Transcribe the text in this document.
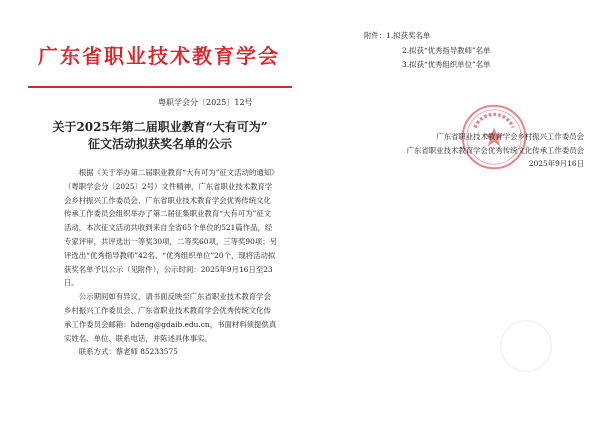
广东省职业技术教育学会
粤职学会分〔2025〕12号
关于2025年第二届职业教育“大有可为”
征文活动拟获奖名单的公示

根据《关于举办第二届职业教育“大有可为”征文活动的通知》（粤职学会分〔2025〕2号）文件精神，广东省职业技术教育学会乡村振兴工作委员会、广东省职业技术教育学会优秀传统文化传承工作委员会组织举办了第二届征集职业教育“大有可为”征文活动，本次征文活动共收到来自全省65个单位的521篇作品，经专家评审，共评选出一等奖30项，二等奖60项，三等奖90项；另评选出“优秀指导教师”42名、“优秀组织单位”20个，现将活动拟获奖名单予以公示（见附件），公示时间：2025年9月16日至23日。

公示期间如有异议，请书面反映至广东省职业技术教育学会乡村振兴工作委员会、广东省职业技术教育学会优秀传统文化传承工作委员会邮箱：hdeng@gdaib.edu.cn，书面材料须提供真实姓名、单位、联系电话，并陈述具体事实。

联系方式：蔡老师 85233575

附件：1.拟获奖名单
2.拟获“优秀指导教师”名单
3.拟获“优秀组织单位”名单
广东省职业技术教育学会乡村振兴工作委员会
广东省职业技术教育学会优秀传统文化传承工作委员会
2025年9月16日
